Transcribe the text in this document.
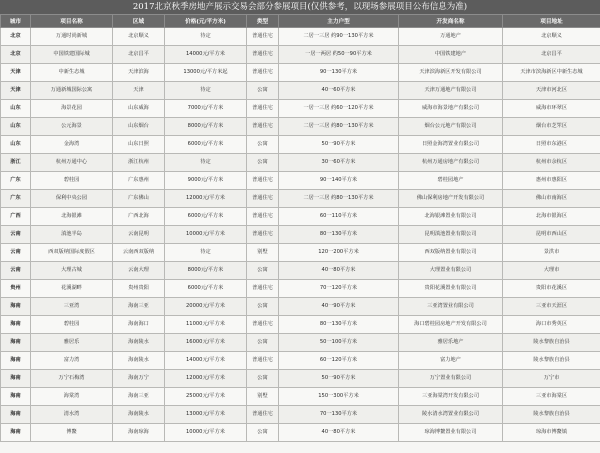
2017北京秋季房地产展示交易会部分参展项目(仅供参考，以现场参展项目公布信息为准)
城市	项目名称	区域	价格(元/平方米)	类型	主力户型	开发商名称	项目地址
北京	万通时尚新城	北京顺义	待定	普通住宅	二居一三居 约90一130平方米	万通地产	北京顺义
北京	中国铁建国际城	北京昌平	14000元/平方米	普通住宅	一居一两居 约50一90平方米	中国铁建地产	北京昌平
天津	中新生态城	天津滨海	13000元/平方米起	普通住宅	90一130平方米	天津滨海新区开发有限公司	天津市滨海新区中新生态城
天津	万通新城国际公寓	天津	待定	公寓	40一60平方米	天津万通地产有限公司	天津市河北区
山东	海景花园	山东威海	7000元/平方米	普通住宅	一居一三居 约60一120平方米	威海市海景地产有限公司	威海市环翠区
山东	公元海景	山东烟台	8000元/平方米	普通住宅	二居一三居 约80一130平方米	烟台公元地产有限公司	烟台市芝罘区
山东	金海湾	山东日照	6000元/平方米	公寓	50一90平方米	日照金海湾置业有限公司	日照市东港区
浙江	杭州万通中心	浙江杭州	待定	公寓	30一60平方米	杭州万通房地产有限公司	杭州市余杭区
广东	碧桂园	广东惠州	9000元/平方米	普通住宅	90一140平方米	碧桂园地产	惠州市惠阳区
广东	保利中央公园	广东佛山	12000元/平方米	普通住宅	二居一三居 约80一130平方米	佛山保利房地产开发有限公司	佛山市南海区
广西	北海银滩	广西北海	6000元/平方米	普通住宅	60一110平方米	北海银滩置业有限公司	北海市银海区
云南	滇池半岛	云南昆明	10000元/平方米	普通住宅	80一130平方米	昆明滇池置业有限公司	昆明市西山区
云南	西双版纳国际度假区	云南西双版纳	待定	别墅	120一200平方米	西双版纳置业有限公司	景洪市
云南	大理古城	云南大理	8000元/平方米	公寓	40一80平方米	大理置业有限公司	大理市
贵州	花溪湖畔	贵州贵阳	6000元/平方米	普通住宅	70一120平方米	贵阳花溪置业有限公司	贵阳市花溪区
海南	三亚湾	海南三亚	20000元/平方米	公寓	40一90平方米	三亚湾置业有限公司	三亚市天涯区
海南	碧桂园	海南海口	11000元/平方米	普通住宅	80一130平方米	海口碧桂园房地产开发有限公司	海口市秀英区
海南	雅居乐	海南陵水	16000元/平方米	公寓	50一100平方米	雅居乐地产	陵水黎族自治县
海南	富力湾	海南陵水	14000元/平方米	普通住宅	60一120平方米	富力地产	陵水黎族自治县
海南	万宁石梅湾	海南万宁	12000元/平方米	公寓	50一90平方米	万宁置业有限公司	万宁市
海南	海棠湾	海南三亚	25000元/平方米	别墅	150一300平方米	三亚海棠湾开发有限公司	三亚市海棠区
海南	清水湾	海南陵水	13000元/平方米	普通住宅	70一130平方米	陵水清水湾置业有限公司	陵水黎族自治县
海南	博鳌	海南琼海	10000元/平方米	公寓	40一80平方米	琼海博鳌置业有限公司	琼海市博鳌镇
